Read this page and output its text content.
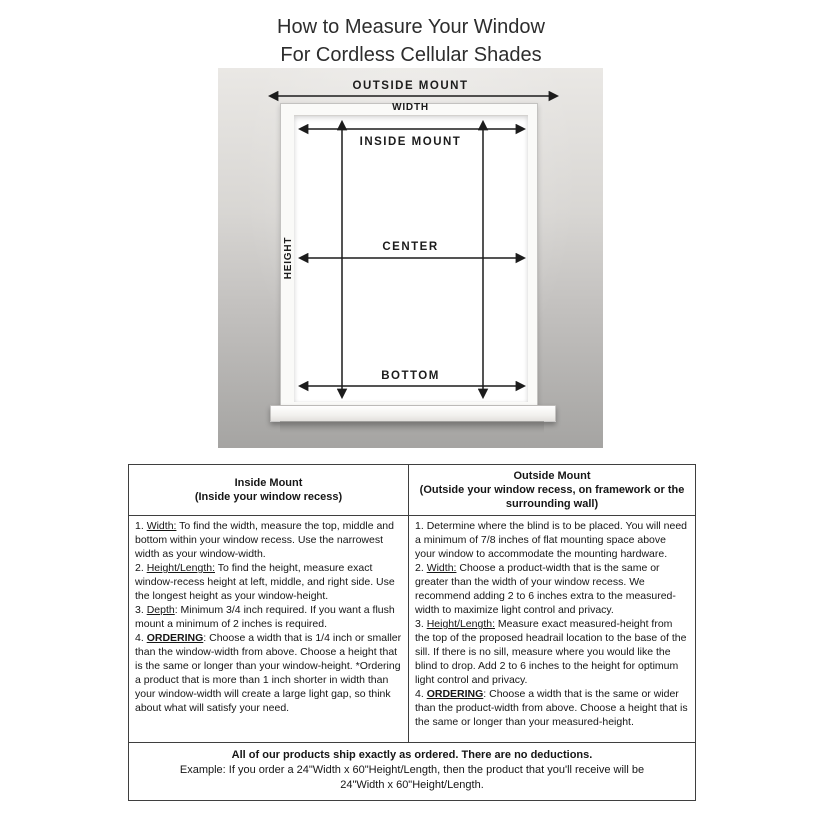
How to Measure Your Window
For Cordless Cellular Shades
OUTSIDE MOUNT
WIDTH
INSIDE MOUNT
CENTER
BOTTOM
HEIGHT
Inside Mount
(Inside your window recess)
Outside Mount
(Outside your window recess, on framework or the surrounding wall)
1. Width: To find the width, measure the top, middle and bottom within your window recess. Use the narrowest width as your window-width.
2. Height/Length: To find the height, measure exact window-recess height at left, middle, and right side. Use the longest height as your window-height.
3. Depth: Minimum 3/4 inch required. If you want a flush mount a minimum of 2 inches is required.
4. ORDERING: Choose a width that is 1/4 inch or smaller than the window-width from above. Choose a height that is the same or longer than your window-height. *Ordering a product that is more than 1 inch shorter in width than your window-width will create a large light gap, so think about what will satisfy your need.
1. Determine where the blind is to be placed. You will need a minimum of 7/8 inches of flat mounting space above your window to accommodate the mounting hardware.
2. Width: Choose a product-width that is the same or greater than the width of your window recess. We recommend adding 2 to 6 inches extra to the measured-width to maximize light control and privacy.
3. Height/Length: Measure exact measured-height from the top of the proposed headrail location to the base of the sill. If there is no sill, measure where you would like the blind to drop. Add 2 to 6 inches to the height for optimum light control and privacy.
4. ORDERING: Choose a width that is the same or wider than the product-width from above. Choose a height that is the same or longer than your measured-height.
All of our products ship exactly as ordered. There are no deductions.
Example: If you order a 24"Width x 60"Height/Length, then the product that you'll receive will be
24"Width x 60"Height/Length.
